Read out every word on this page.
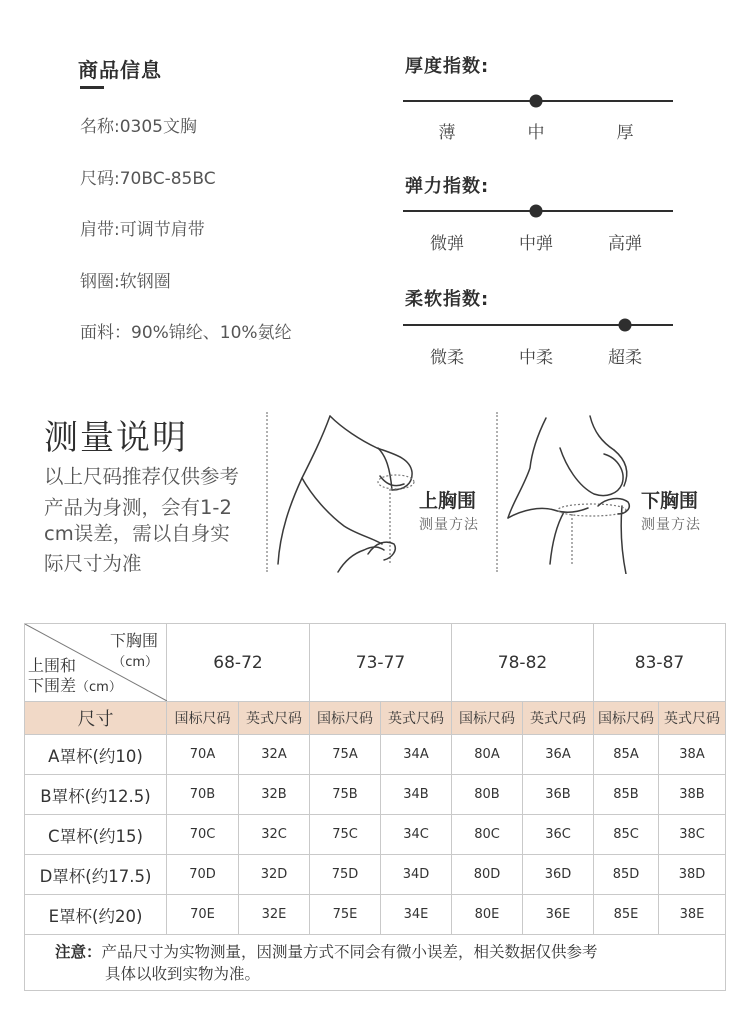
商品信息
名称:0305文胸
尺码:70BC-85BC
肩带:可调节肩带
钢圈:软钢圈
面料：90%锦纶、10%氨纶
厚度指数:
薄	中	厚
弹力指数:
微弹	中弹	高弹
柔软指数:
微柔	中柔	超柔
测量说明
以上尺码推荐仅供参考
产品为身测，会有1-2
cm误差，需以自身实
际尺寸为准
上胸围
测量方法
下胸围
测量方法
下胸围
（cm）
上围和
下围差（cm）	68-72		73-77		78-82		83-87	
尺寸	国标尺码	英式尺码	国标尺码	英式尺码	国标尺码	英式尺码	国标尺码	英式尺码
A罩杯(约10)	70A	32A	75A	34A	80A	36A	85A	38A
B罩杯(约12.5)	70B	32B	75B	34B	80B	36B	85B	38B
C罩杯(约15)	70C	32C	75C	34C	80C	36C	85C	38C
D罩杯(约17.5)	70D	32D	75D	34D	80D	36D	85D	38D
E罩杯(约20)	70E	32E	75E	34E	80E	36E	85E	38E
注意：产品尺寸为实物测量，因测量方式不同会有微小误差，相关数据仅供参考
具体以收到实物为准。								
